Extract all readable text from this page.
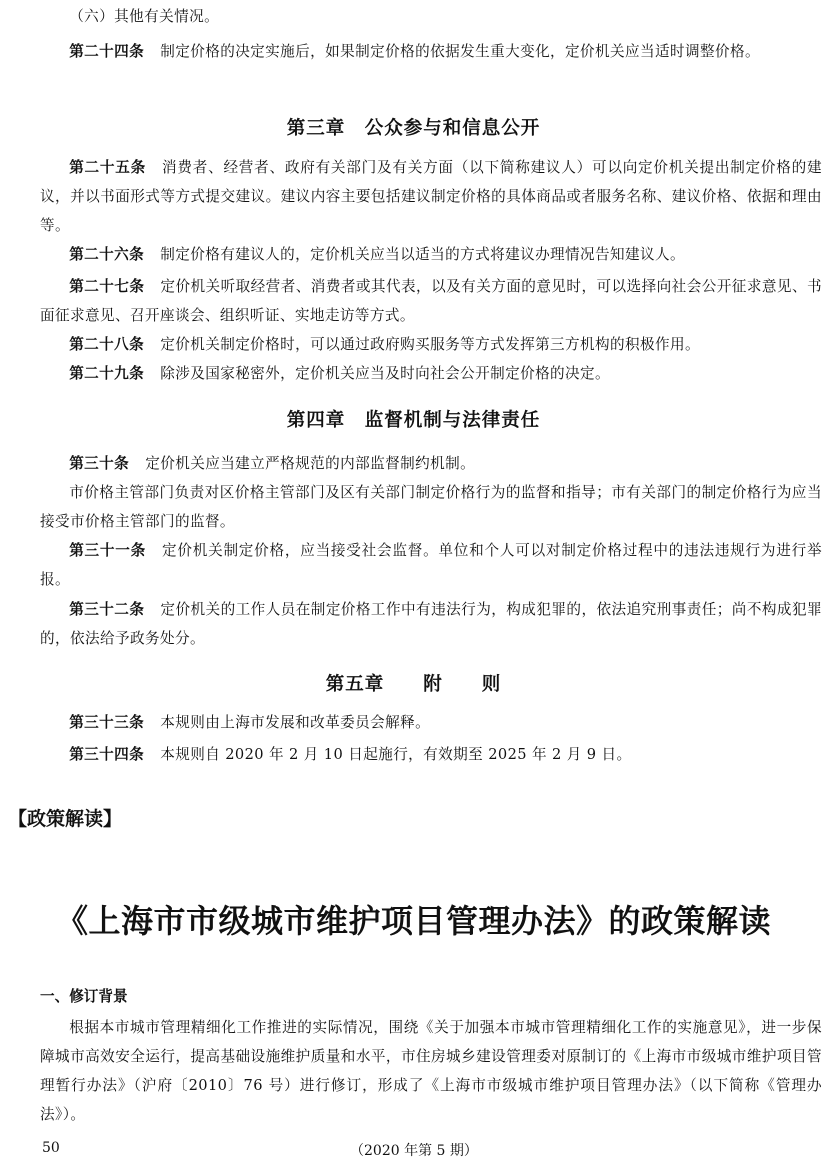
（六）其他有关情况。

第二十四条 制定价格的决定实施后，如果制定价格的依据发生重大变化，定价机关应当适时调整价格。

第三章　公众参与和信息公开

第二十五条 消费者、经营者、政府有关部门及有关方面（以下简称建议人）可以向定价机关提出制定价格的建议，并以书面形式等方式提交建议。建议内容主要包括建议制定价格的具体商品或者服务名称、建议价格、依据和理由等。

第二十六条 制定价格有建议人的，定价机关应当以适当的方式将建议办理情况告知建议人。

第二十七条 定价机关听取经营者、消费者或其代表，以及有关方面的意见时，可以选择向社会公开征求意见、书面征求意见、召开座谈会、组织听证、实地走访等方式。

第二十八条 定价机关制定价格时，可以通过政府购买服务等方式发挥第三方机构的积极作用。

第二十九条 除涉及国家秘密外，定价机关应当及时向社会公开制定价格的决定。

第四章　监督机制与法律责任

第三十条 定价机关应当建立严格规范的内部监督制约机制。

市价格主管部门负责对区价格主管部门及区有关部门制定价格行为的监督和指导；市有关部门的制定价格行为应当接受市价格主管部门的监督。

第三十一条 定价机关制定价格，应当接受社会监督。单位和个人可以对制定价格过程中的违法违规行为进行举报。

第三十二条 定价机关的工作人员在制定价格工作中有违法行为，构成犯罪的，依法追究刑事责任；尚不构成犯罪的，依法给予政务处分。

第五章　　附　　则

第三十三条 本规则由上海市发展和改革委员会解释。

第三十四条 本规则自 2020 年 2 月 10 日起施行，有效期至 2025 年 2 月 9 日。

【政策解读】

《上海市市级城市维护项目管理办法》的政策解读

一、修订背景

根据本市城市管理精细化工作推进的实际情况，围绕《关于加强本市城市管理精细化工作的实施意见》，进一步保障城市高效安全运行，提高基础设施维护质量和水平，市住房城乡建设管理委对原制订的《上海市市级城市维护项目管理暂行办法》（沪府〔2010〕76 号）进行修订，形成了《上海市市级城市维护项目管理办法》（以下简称《管理办法》）。

50	（2020 年第 5 期）
